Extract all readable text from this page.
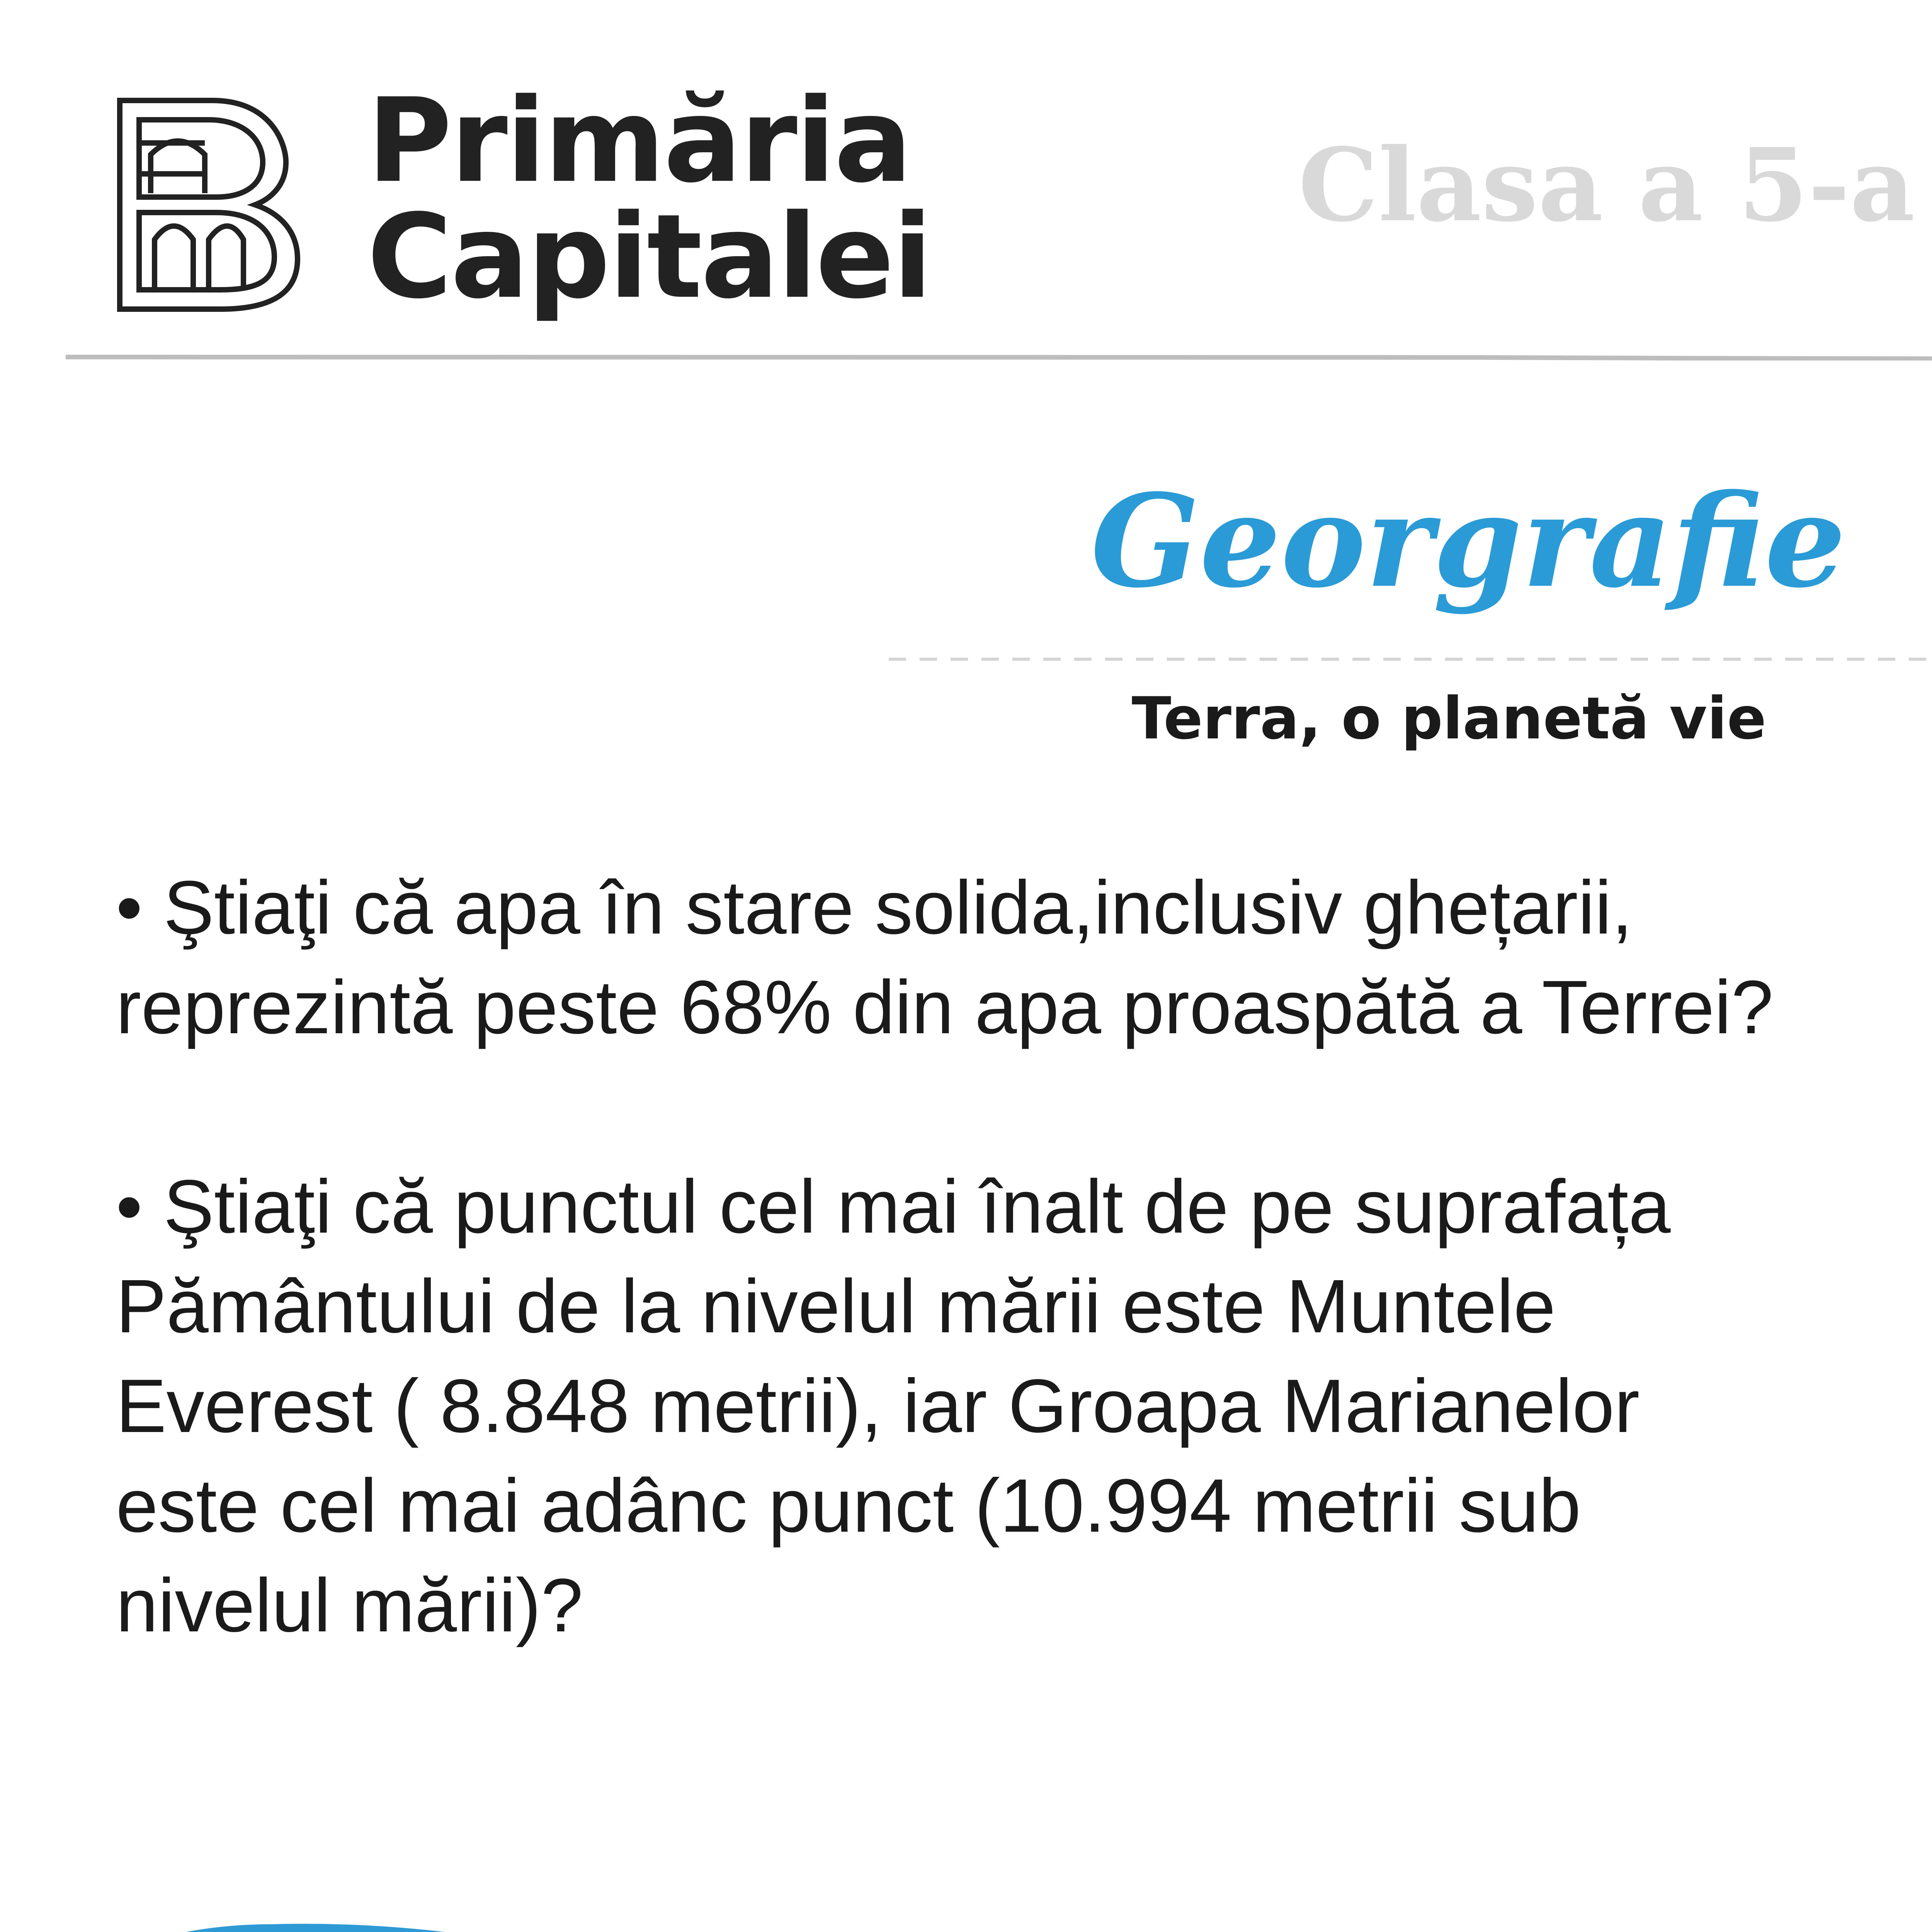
Primăria
Capitalei
Clasa a 5-a
Georgrafie
Terra, o planetă vie
• Ştiaţi că apa în stare solida,inclusiv ghețarii, reprezintă peste 68% din apa proaspătă a Terrei?
• Ştiaţi că punctul cel mai înalt de pe suprafața Pământului de la nivelul mării este Muntele Everest ( 8.848 metrii), iar Groapa Marianelor este cel mai adânc punct (10.994 metrii sub nivelul mării)?
